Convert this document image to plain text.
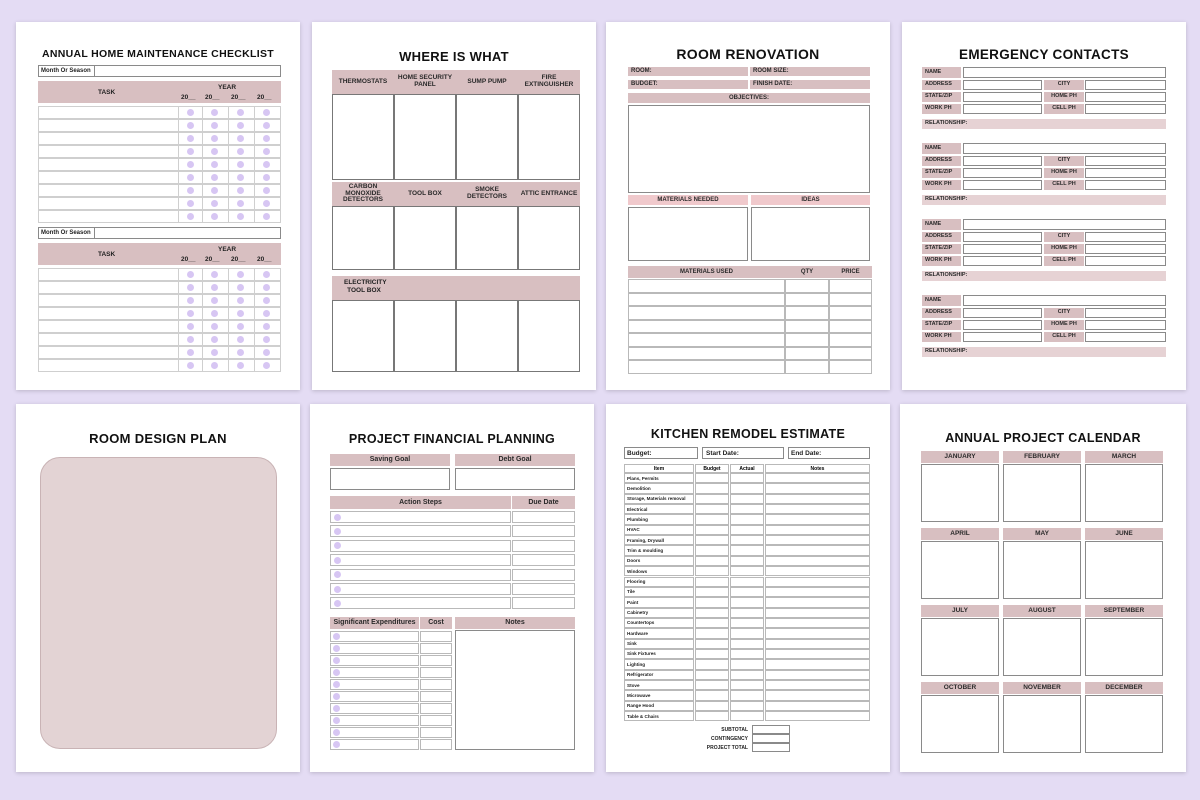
ANNUAL HOME MAINTENANCE CHECKLIST
Month Or Season
TASK
YEAR
20__ 20__ 20__ 20__
Month Or Season
TASK
YEAR
20__ 20__ 20__ 20__
WHERE IS WHAT
THERMOSTATS	HOME SECURITY PANEL	SUMP PUMP	FIRE EXTINGUISHER
CARBON MONOXIDE DETECTORS
TOOL BOX	SMOKE DETECTORS	ATTIC ENTRANCE
ELECTRICITY TOOL BOX
ROOM RENOVATION
ROOM:	ROOM SIZE:
BUDGET:	FINISH DATE:
OBJECTIVES:
MATERIALS NEEDED	IDEAS
MATERIALS USED	QTY	PRICE
EMERGENCY CONTACTS
NAME
ADDRESS	CITY
STATE/ZIP	HOME PH
WORK PH	CELL PH
RELATIONSHIP:
NAME
ADDRESS	CITY
STATE/ZIP	HOME PH
WORK PH	CELL PH
RELATIONSHIP:
NAME
ADDRESS	CITY
STATE/ZIP	HOME PH
WORK PH	CELL PH
RELATIONSHIP:
NAME
ADDRESS	CITY
STATE/ZIP	HOME PH
WORK PH	CELL PH
RELATIONSHIP:
ROOM DESIGN PLAN	PROJECT FINANCIAL PLANNING
Saving Goal	Debt Goal
Action Steps	Due Date
Significant Expenditures	Cost	Notes
KITCHEN REMODEL ESTIMATE
Budget:	Start Date:	End Date:
Item	Budget	Actual	Notes
Plans, Permits
Demolition
Storage, Materials removal
Electrical
Plumbing
HVAC
Framing, Drywall
Trim & moulding
Doors
Windows
Flooring
Tile
Paint
Cabinetry
Countertops
Hardware
Sink
Sink Fixtures
Lighting
Refrigerator
Stove
Microwave
Range Hood
Table & Chairs
SUBTOTAL
CONTINGENCY
PROJECT TOTAL
ANNUAL PROJECT CALENDAR
JANUARY	FEBRUARY	MARCH
APRIL	MAY	JUNE
JULY	AUGUST	SEPTEMBER
OCTOBER	NOVEMBER	DECEMBER
